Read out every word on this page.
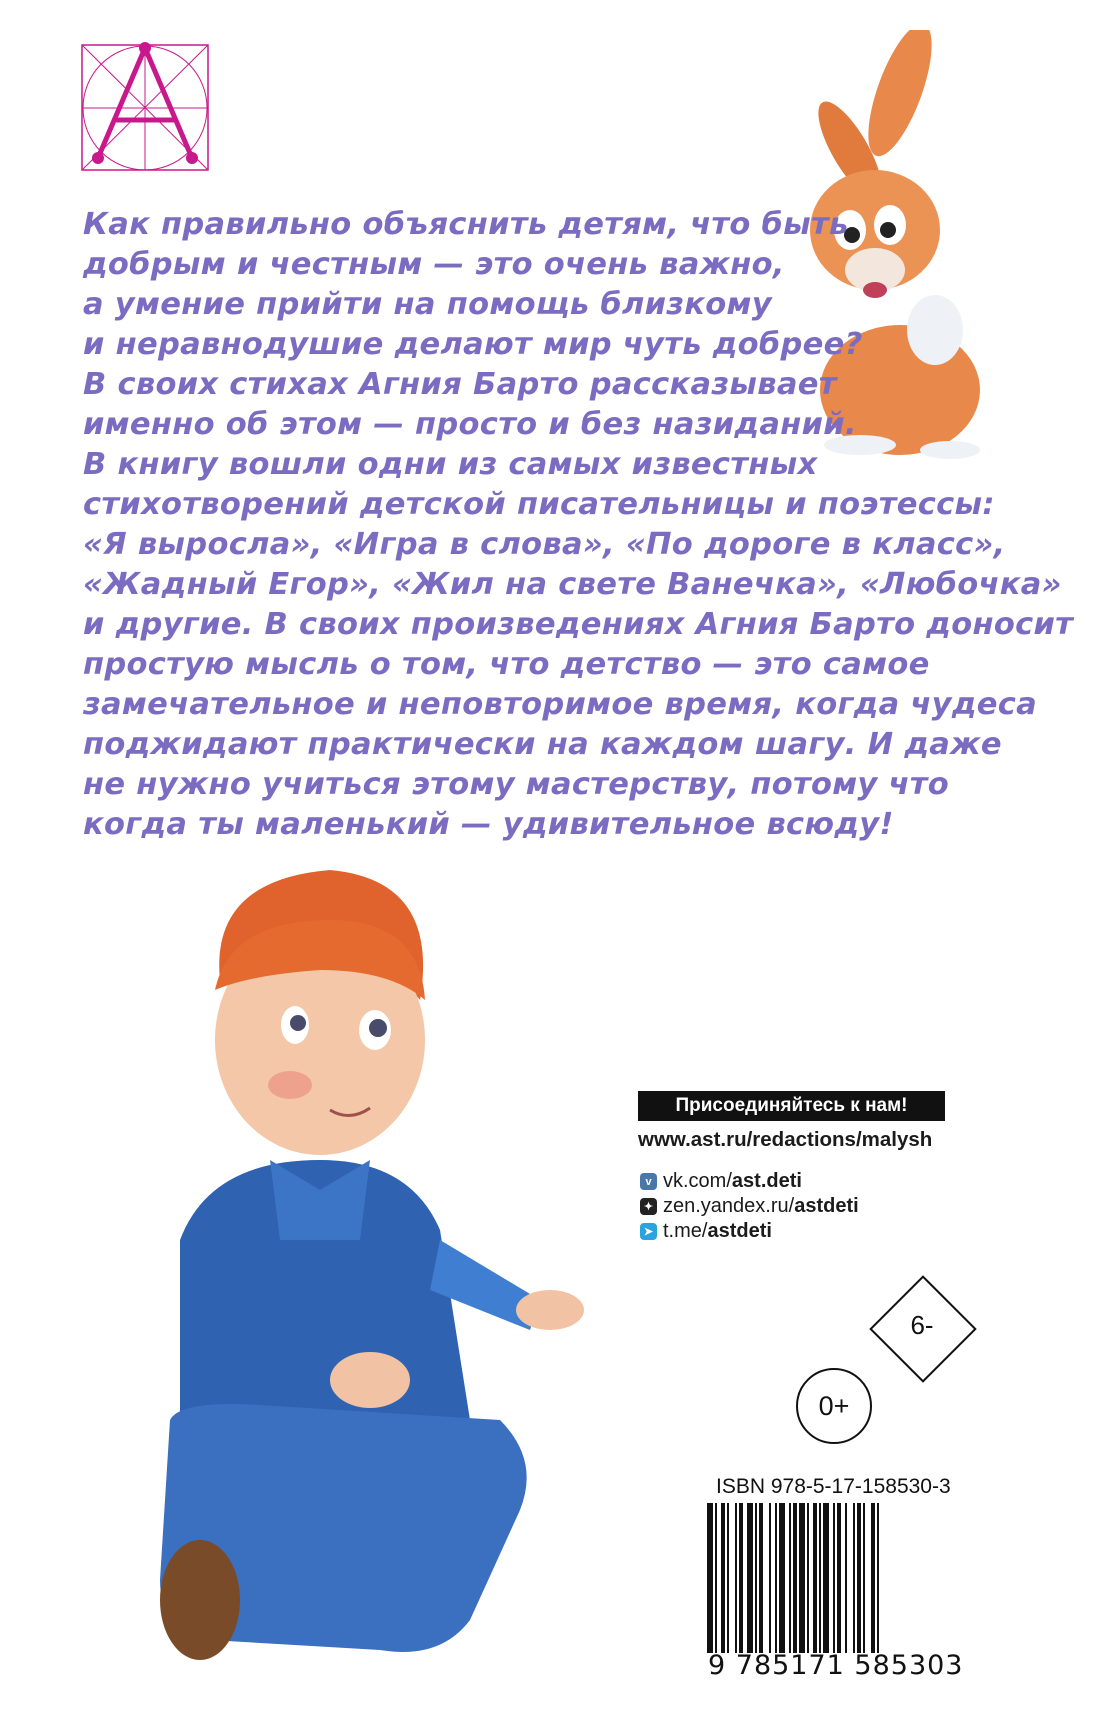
Как правильно объяснить детям, что быть
добрым и честным — это очень важно,
а умение прийти на помощь близкому
и неравнодушие делают мир чуть добрее?
В своих стихах Агния Барто рассказывает
именно об этом — просто и без назиданий.
В книгу вошли одни из самых известных
стихотворений детской писательницы и поэтессы:
«Я выросла», «Игра в слова», «По дороге в класс»,
«Жадный Егор», «Жил на свете Ванечка», «Любочка»
и другие. В своих произведениях Агния Барто доносит
простую мысль о том, что детство — это самое
замечательное и неповторимое время, когда чудеса
поджидают практически на каждом шагу. И даже
не нужно учиться этому мастерству, потому что
когда ты маленький — удивительное всюду!
Присоединяйтесь к нам!
www.ast.ru/redactions/malysh
v vk.com/ast.deti
✦ zen.yandex.ru/astdeti
➤ t.me/astdeti
6-
0+
ISBN 978-5-17-158530-3
9 785171 585303
